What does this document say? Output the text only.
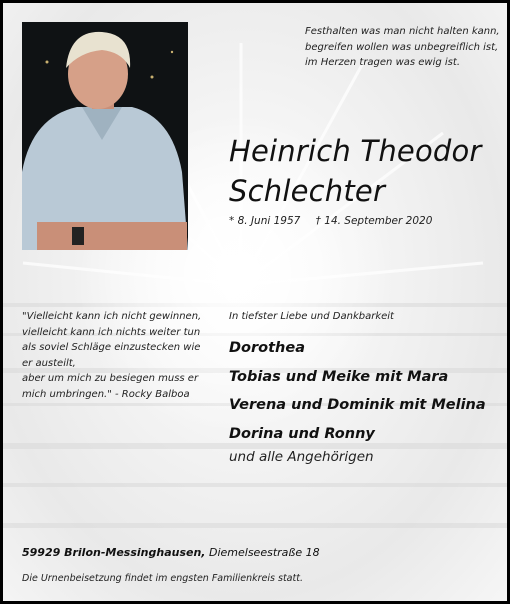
Festhalten was man nicht halten kann,
begreifen wollen was unbegreiflich ist,
im Herzen tragen was ewig ist.
Heinrich Theodor
Schlechter
* 8. Juni 1957 † 14. September 2020
"Vielleicht kann ich nicht gewinnen,
vielleicht kann ich nichts weiter tun
als soviel Schläge einzustecken wie
er austeilt,
aber um mich zu besiegen muss er
mich umbringen." - Rocky Balboa
In tiefster Liebe und Dankbarkeit
Dorothea
Tobias und Meike mit Mara
Verena und Dominik mit Melina
Dorina und Ronny
und alle Angehörigen
59929 Brilon-Messinghausen, Diemelseestraße 18
Die Urnenbeisetzung findet im engsten Familienkreis statt.
